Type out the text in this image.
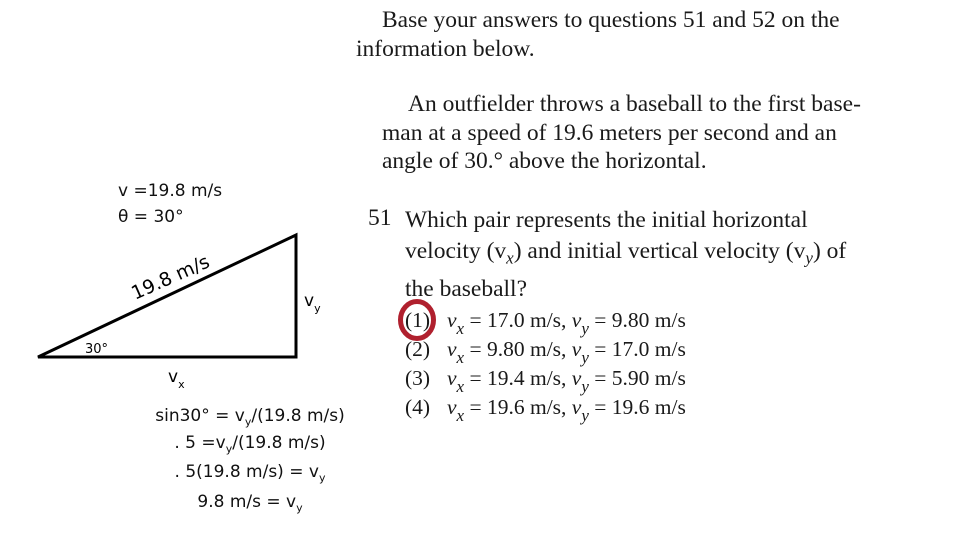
Base your answers to questions 51 and 52 on the
information below.
An outfielder throws a baseball to the first base-
man at a speed of 19.6 meters per second and an
angle of 30.° above the horizontal.
51 Which pair represents the initial horizontal
velocity $(v_x)$ and initial vertical velocity $(v_y)$ of
the baseball?
(1) $v_x = 17.0$ m/s, $v_y = 9.80$ m/s
(2) $v_x = 9.80$ m/s, $v_y = 17.0$ m/s
(3) $v_x = 19.4$ m/s, $v_y = 5.90$ m/s
(4) $v_x = 19.6$ m/s, $v_y = 19.6$ m/s
v =19.8 m/s
θ = 30°
19.8 m/s
30°
$v_y$
$v_x$
$\sin 30^\circ = v_y/(19.8$ m/s)
. $5 =v_y/(19.8$ m/s)
. 5(19.8 $m/s) = v_y$
9.8 $m/s = v_y$
